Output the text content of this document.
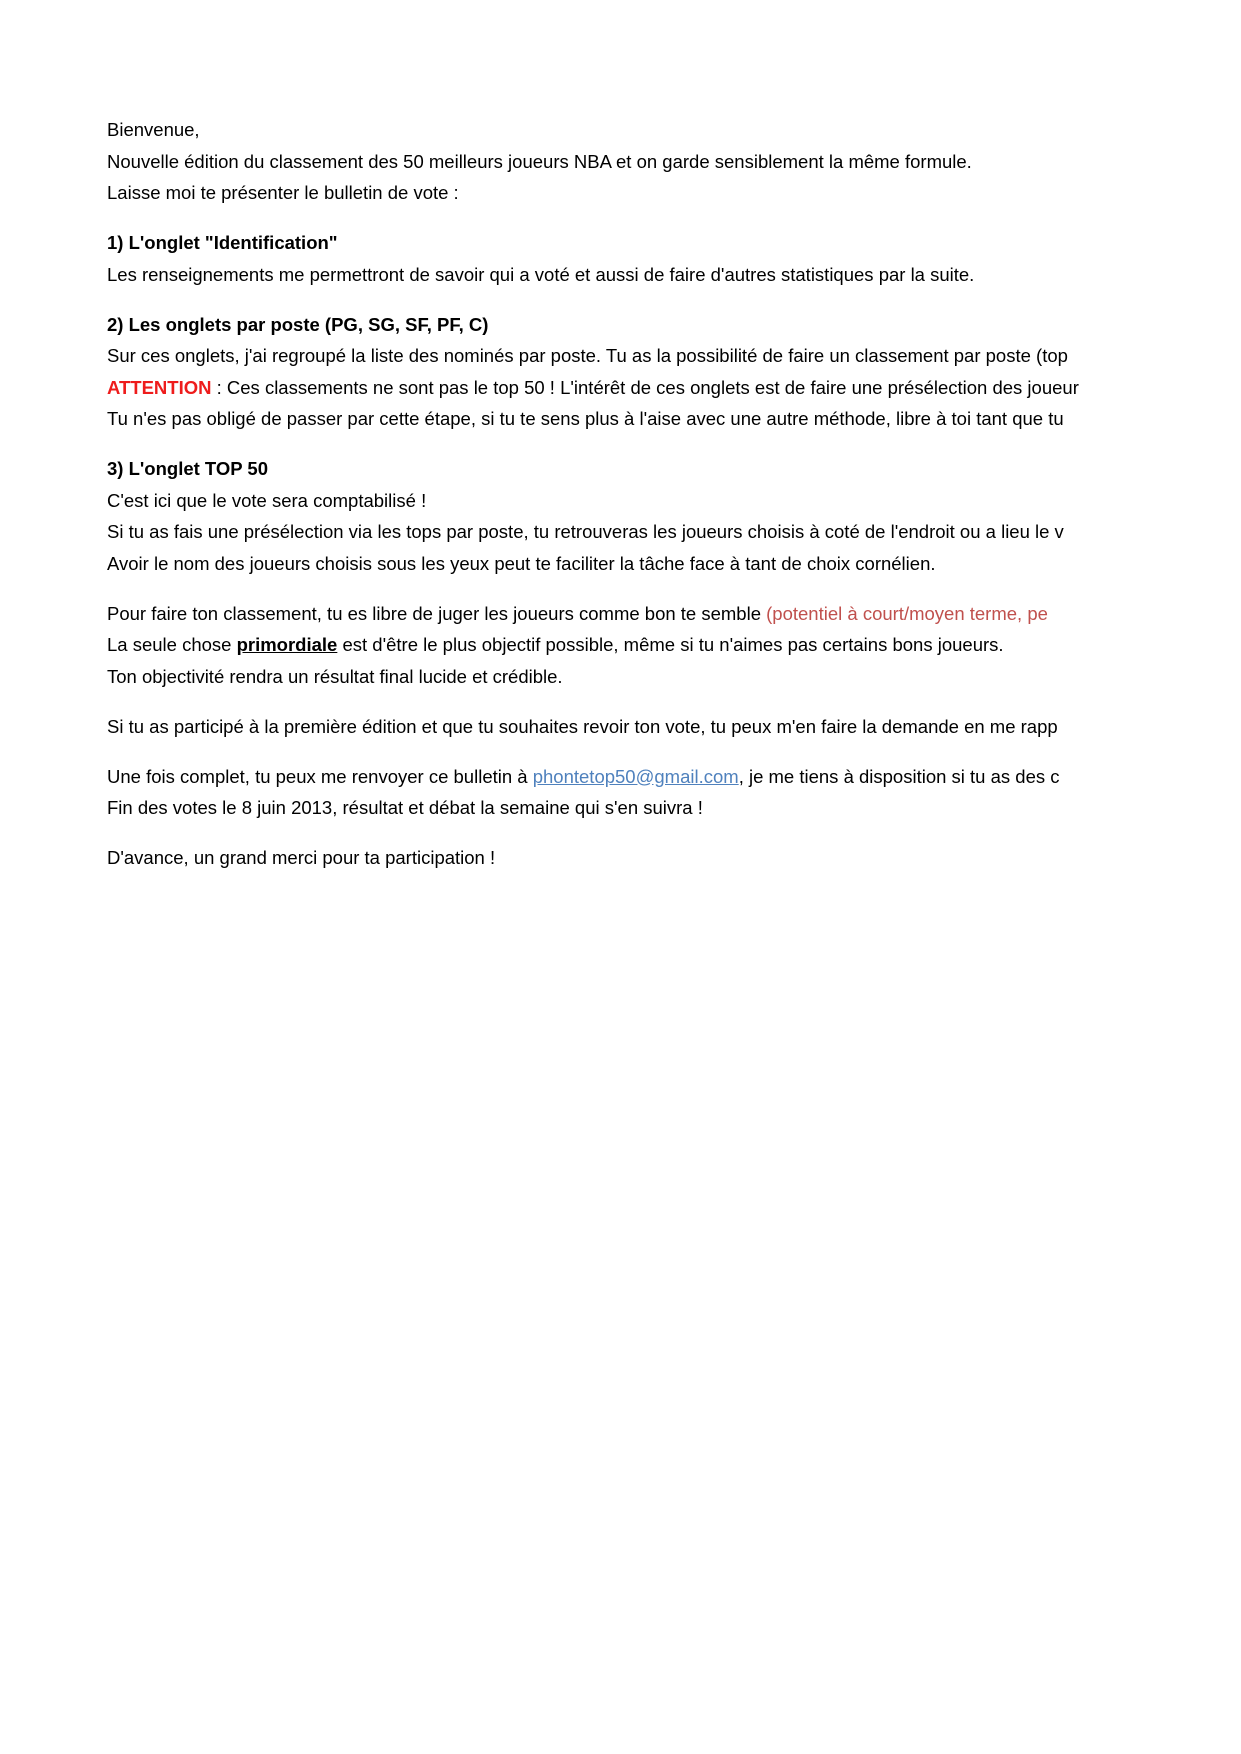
Bienvenue,
Nouvelle édition du classement des 50 meilleurs joueurs NBA et on garde sensiblement la même formule.
Laisse moi te présenter le bulletin de vote :
1) L'onglet "Identification"
Les renseignements me permettront de savoir qui a voté et aussi de faire d'autres statistiques par la suite.
2) Les onglets par poste (PG, SG, SF, PF, C)
Sur ces onglets, j'ai regroupé la liste des nominés par poste. Tu as la possibilité de faire un classement par poste (top
ATTENTION : Ces classements ne sont pas le top 50 ! L'intérêt de ces onglets est de faire une présélection des joueur
Tu n'es pas obligé de passer par cette étape, si tu te sens plus à l'aise avec une autre méthode, libre à toi tant que tu
3) L'onglet TOP 50
C'est ici que le vote sera comptabilisé !
Si tu as fais une présélection via les tops par poste, tu retrouveras les joueurs choisis à coté de l'endroit ou a lieu le v
Avoir le nom des joueurs choisis sous les yeux peut te faciliter la tâche face à tant de choix cornélien.
Pour faire ton classement, tu es libre de juger les joueurs comme bon te semble (potentiel à court/moyen terme, pe
La seule chose primordiale est d'être le plus objectif possible, même si tu n'aimes pas certains bons joueurs.
Ton objectivité rendra un résultat final lucide et crédible.
Si tu as participé à la première édition et que tu souhaites revoir ton vote, tu peux m'en faire la demande en me rapp
Une fois complet, tu peux me renvoyer ce bulletin à phontetop50@gmail.com, je me tiens à disposition si tu as des c
Fin des votes le 8 juin 2013, résultat et débat la semaine qui s'en suivra !
D'avance, un grand merci pour ta participation !
